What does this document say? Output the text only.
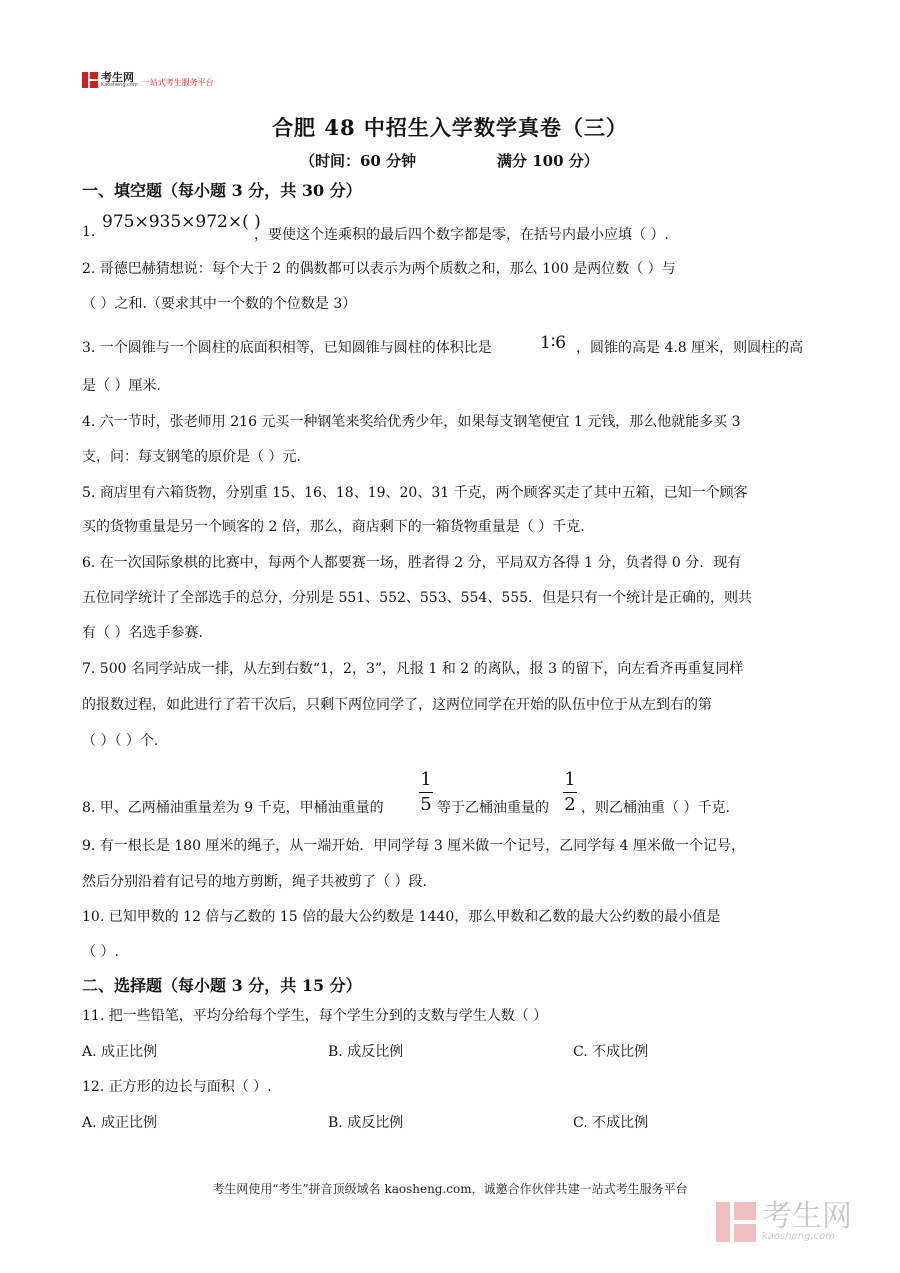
考生网
Kaosheng.com 一站式考生服务平台
合肥 48 中招生入学数学真卷（三）
（时间：60 分钟	满分 100 分）
一、填空题（每小题 3 分，共 30 分）
1. 975×935×972×( )
，要使这个连乘积的最后四个数字都是零，在括号内最小应填（ ）.
2. 哥德巴赫猜想说：每个大于 2 的偶数都可以表示为两个质数之和，那么 100 是两位数（ ）与
（ ）之和.（要求其中一个数的个位数是 3）
3. 一个圆锥与一个圆柱的底面积相等，已知圆锥与圆柱的体积比是	1∶6 ，圆锥的高是 4.8 厘米，则圆柱的高
是（ ）厘米.
4. 六一节时，张老师用 216 元买一种钢笔来奖给优秀少年，如果每支钢笔便宜 1 元钱，那么他就能多买 3
支，问：每支钢笔的原价是（ ）元.
5. 商店里有六箱货物，分别重 15、16、18、19、20、31 千克，两个顾客买走了其中五箱，已知一个顾客
买的货物重量是另一个顾客的 2 倍，那么，商店剩下的一箱货物重量是（ ）千克.
6. 在一次国际象棋的比赛中，每两个人都要赛一场，胜者得 2 分，平局双方各得 1 分，负者得 0 分．现有
五位同学统计了全部选手的总分，分别是 551、552、553、554、555．但是只有一个统计是正确的，则共
有（ ）名选手参赛.
7. 500 名同学站成一排，从左到右数“1，2，3”，凡报 1 和 2 的离队，报 3 的留下，向左看齐再重复同样
的报数过程，如此进行了若干次后，只剩下两位同学了，这两位同学在开始的队伍中位于从左到右的第
（ ）（ ）个.
8. 甲、乙两桶油重量差为 9 千克，甲桶油重量的
1
5 等于乙桶油重量的
1
2 ，则乙桶油重（ ）千克.
9. 有一根长是 180 厘米的绳子，从一端开始．甲同学每 3 厘米做一个记号，乙同学每 4 厘米做一个记号，
然后分别沿着有记号的地方剪断，绳子共被剪了（ ）段.
10. 已知甲数的 12 倍与乙数的 15 倍的最大公约数是 1440，那么甲数和乙数的最大公约数的最小值是
（ ）.
二、选择题（每小题 3 分，共 15 分）
11. 把一些铅笔，平均分给每个学生，每个学生分到的支数与学生人数（ ）
A. 成正比例	B. 成反比例	C. 不成比例
12. 正方形的边长与面积（ ）.
A. 成正比例	B. 成反比例	C. 不成比例
考生网使用“考生”拼音顶级域名 kaosheng.com，诚邀合作伙伴共建一站式考生服务平台
考生网
kaosheng.com
